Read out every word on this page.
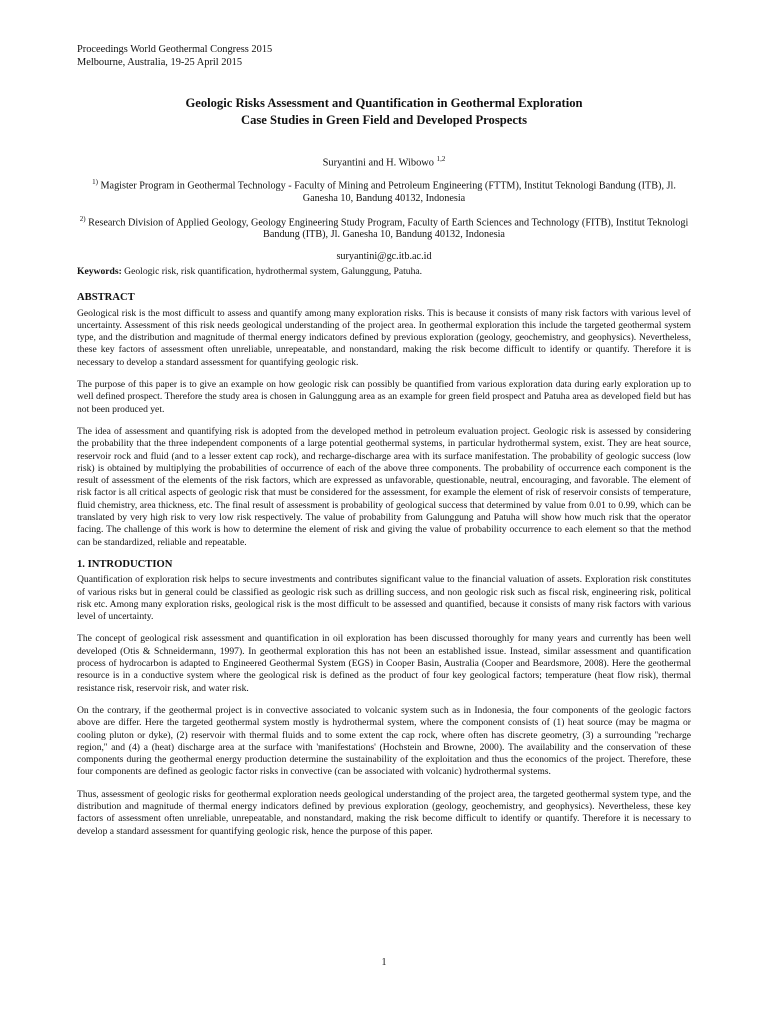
Proceedings World Geothermal Congress 2015
Melbourne, Australia, 19-25 April 2015

Geologic Risks Assessment and Quantification in Geothermal Exploration
Case Studies in Green Field and Developed Prospects

Suryantini and H. Wibowo $^{1,2}$
$^{1)}$ Magister Program in Geothermal Technology - Faculty of Mining and Petroleum Engineering (FTTM), Institut Teknologi Bandung (ITB), Jl. Ganesha 10, Bandung 40132, Indonesia
$^{2)}$ Research Division of Applied Geology, Geology Engineering Study Program, Faculty of Earth Sciences and Technology (FITB), Institut Teknologi Bandung (ITB), Jl. Ganesha 10, Bandung 40132, Indonesia
suryantini@gc.itb.ac.id

Keywords: Geologic risk, risk quantification, hydrothermal system, Galunggung, Patuha.

ABSTRACT

Geological risk is the most difficult to assess and quantify among many exploration risks. This is because it consists of many risk factors with various level of uncertainty. Assessment of this risk needs geological understanding of the project area. In geothermal exploration this include the targeted geothermal system type, and the distribution and magnitude of thermal energy indicators defined by previous exploration (geology, geochemistry, and geophysics). Nevertheless, these key factors of assessment often unreliable, unrepeatable, and nonstandard, making the risk become difficult to identify or quantify. Therefore it is necessary to develop a standard assessment for quantifying geologic risk.

The purpose of this paper is to give an example on how geologic risk can possibly be quantified from various exploration data during early exploration up to well defined prospect. Therefore the study area is chosen in Galunggung area as an example for green field prospect and Patuha area as developed field but has not been produced yet.

The idea of assessment and quantifying risk is adopted from the developed method in petroleum evaluation project. Geologic risk is assessed by considering the probability that the three independent components of a large potential geothermal systems, in particular hydrothermal system, exist. They are heat source, reservoir rock and fluid (and to a lesser extent cap rock), and recharge-discharge area with its surface manifestation. The probability of geologic success (low risk) is obtained by multiplying the probabilities of occurrence of each of the above three components. The probability of occurrence each component is the result of assessment of the elements of the risk factors, which are expressed as unfavorable, questionable, neutral, encouraging, and favorable. The element of risk factor is all critical aspects of geologic risk that must be considered for the assessment, for example the element of risk of reservoir consists of temperature, fluid chemistry, area thickness, etc. The final result of assessment is probability of geological success that determined by value from 0.01 to 0.99, which can be translated by very high risk to very low risk respectively. The value of probability from Galunggung and Patuha will show how much risk that the operator facing. The challenge of this work is how to determine the element of risk and giving the value of probability occurrence to each element so that the method can be standardized, reliable and repeatable.

1. INTRODUCTION

Quantification of exploration risk helps to secure investments and contributes significant value to the financial valuation of assets. Exploration risk constitutes of various risks but in general could be classified as geologic risk such as drilling success, and non geologic risk such as fiscal risk, engineering risk, political risk etc. Among many exploration risks, geological risk is the most difficult to be assessed and quantified, because it consists of many risk factors with various level of uncertainty.

The concept of geological risk assessment and quantification in oil exploration has been discussed thoroughly for many years and currently has been well developed (Otis & Schneidermann, 1997). In geothermal exploration this has not been an established issue. Instead, similar assessment and quantification process of hydrocarbon is adapted to Engineered Geothermal System (EGS) in Cooper Basin, Australia (Cooper and Beardsmore, 2008). Here the geothermal resource is in a conductive system where the geological risk is defined as the product of four key geological factors; temperature (heat flow risk), thermal resistance risk, reservoir risk, and water risk.

On the contrary, if the geothermal project is in convective associated to volcanic system such as in Indonesia, the four components of the geologic factors above are differ. Here the targeted geothermal system mostly is hydrothermal system, where the component consists of (1) heat source (may be magma or cooling pluton or dyke), (2) reservoir with thermal fluids and to some extent the cap rock, where often has discrete geometry, (3) a surrounding ''recharge region,'' and (4) a (heat) discharge area at the surface with 'manifestations' (Hochstein and Browne, 2000). The availability and the conservation of these components during the geothermal energy production determine the sustainability of the exploitation and thus the economics of the project. Therefore, these four components are defined as geologic factor risks in convective (can be associated with volcanic) hydrothermal systems.

Thus, assessment of geologic risks for geothermal exploration needs geological understanding of the project area, the targeted geothermal system type, and the distribution and magnitude of thermal energy indicators defined by previous exploration (geology, geochemistry, and geophysics). Nevertheless, these key factors of assessment often unreliable, unrepeatable, and nonstandard, making the risk become difficult to identify or quantify. Therefore it is necessary to develop a standard assessment for quantifying geologic risk, hence the purpose of this paper.

1
